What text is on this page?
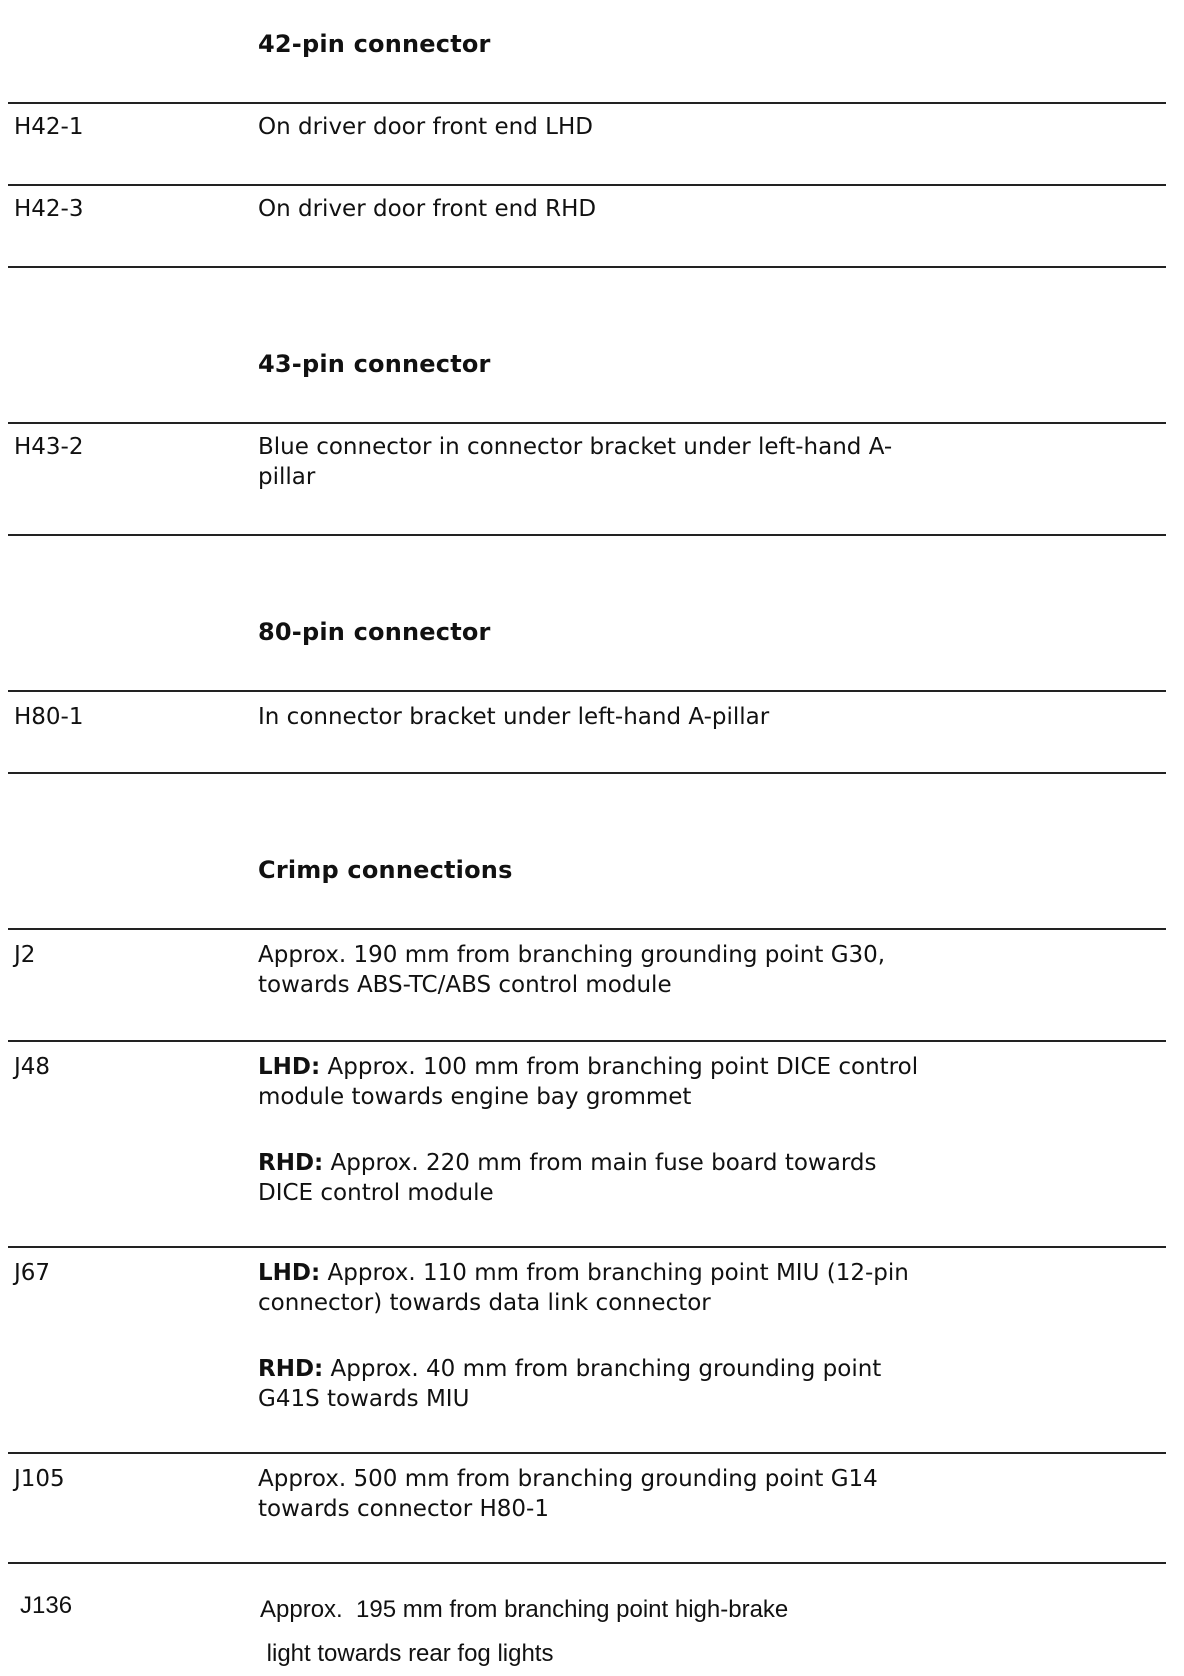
42-pin connector
H42-1	On driver door front end LHD
H42-3	On driver door front end RHD
43-pin connector
H43-2	Blue connector in connector bracket under left-hand A-
pillar
80-pin connector
H80-1	In connector bracket under left-hand A-pillar
Crimp connections
J2	Approx. 190 mm from branching grounding point G30,
towards ABS-TC/ABS control module
J48	LHD: Approx. 100 mm from branching point DICE control
module towards engine bay grommet
RHD: Approx. 220 mm from main fuse board towards
DICE control module
J67	LHD: Approx. 110 mm from branching point MIU (12-pin
connector) towards data link connector
RHD: Approx. 40 mm from branching grounding point
G41S towards MIU
J105	Approx. 500 mm from branching grounding point G14
towards connector H80-1
J136	Approx.  195 mm from branching point high-brake
light towards rear fog lights
